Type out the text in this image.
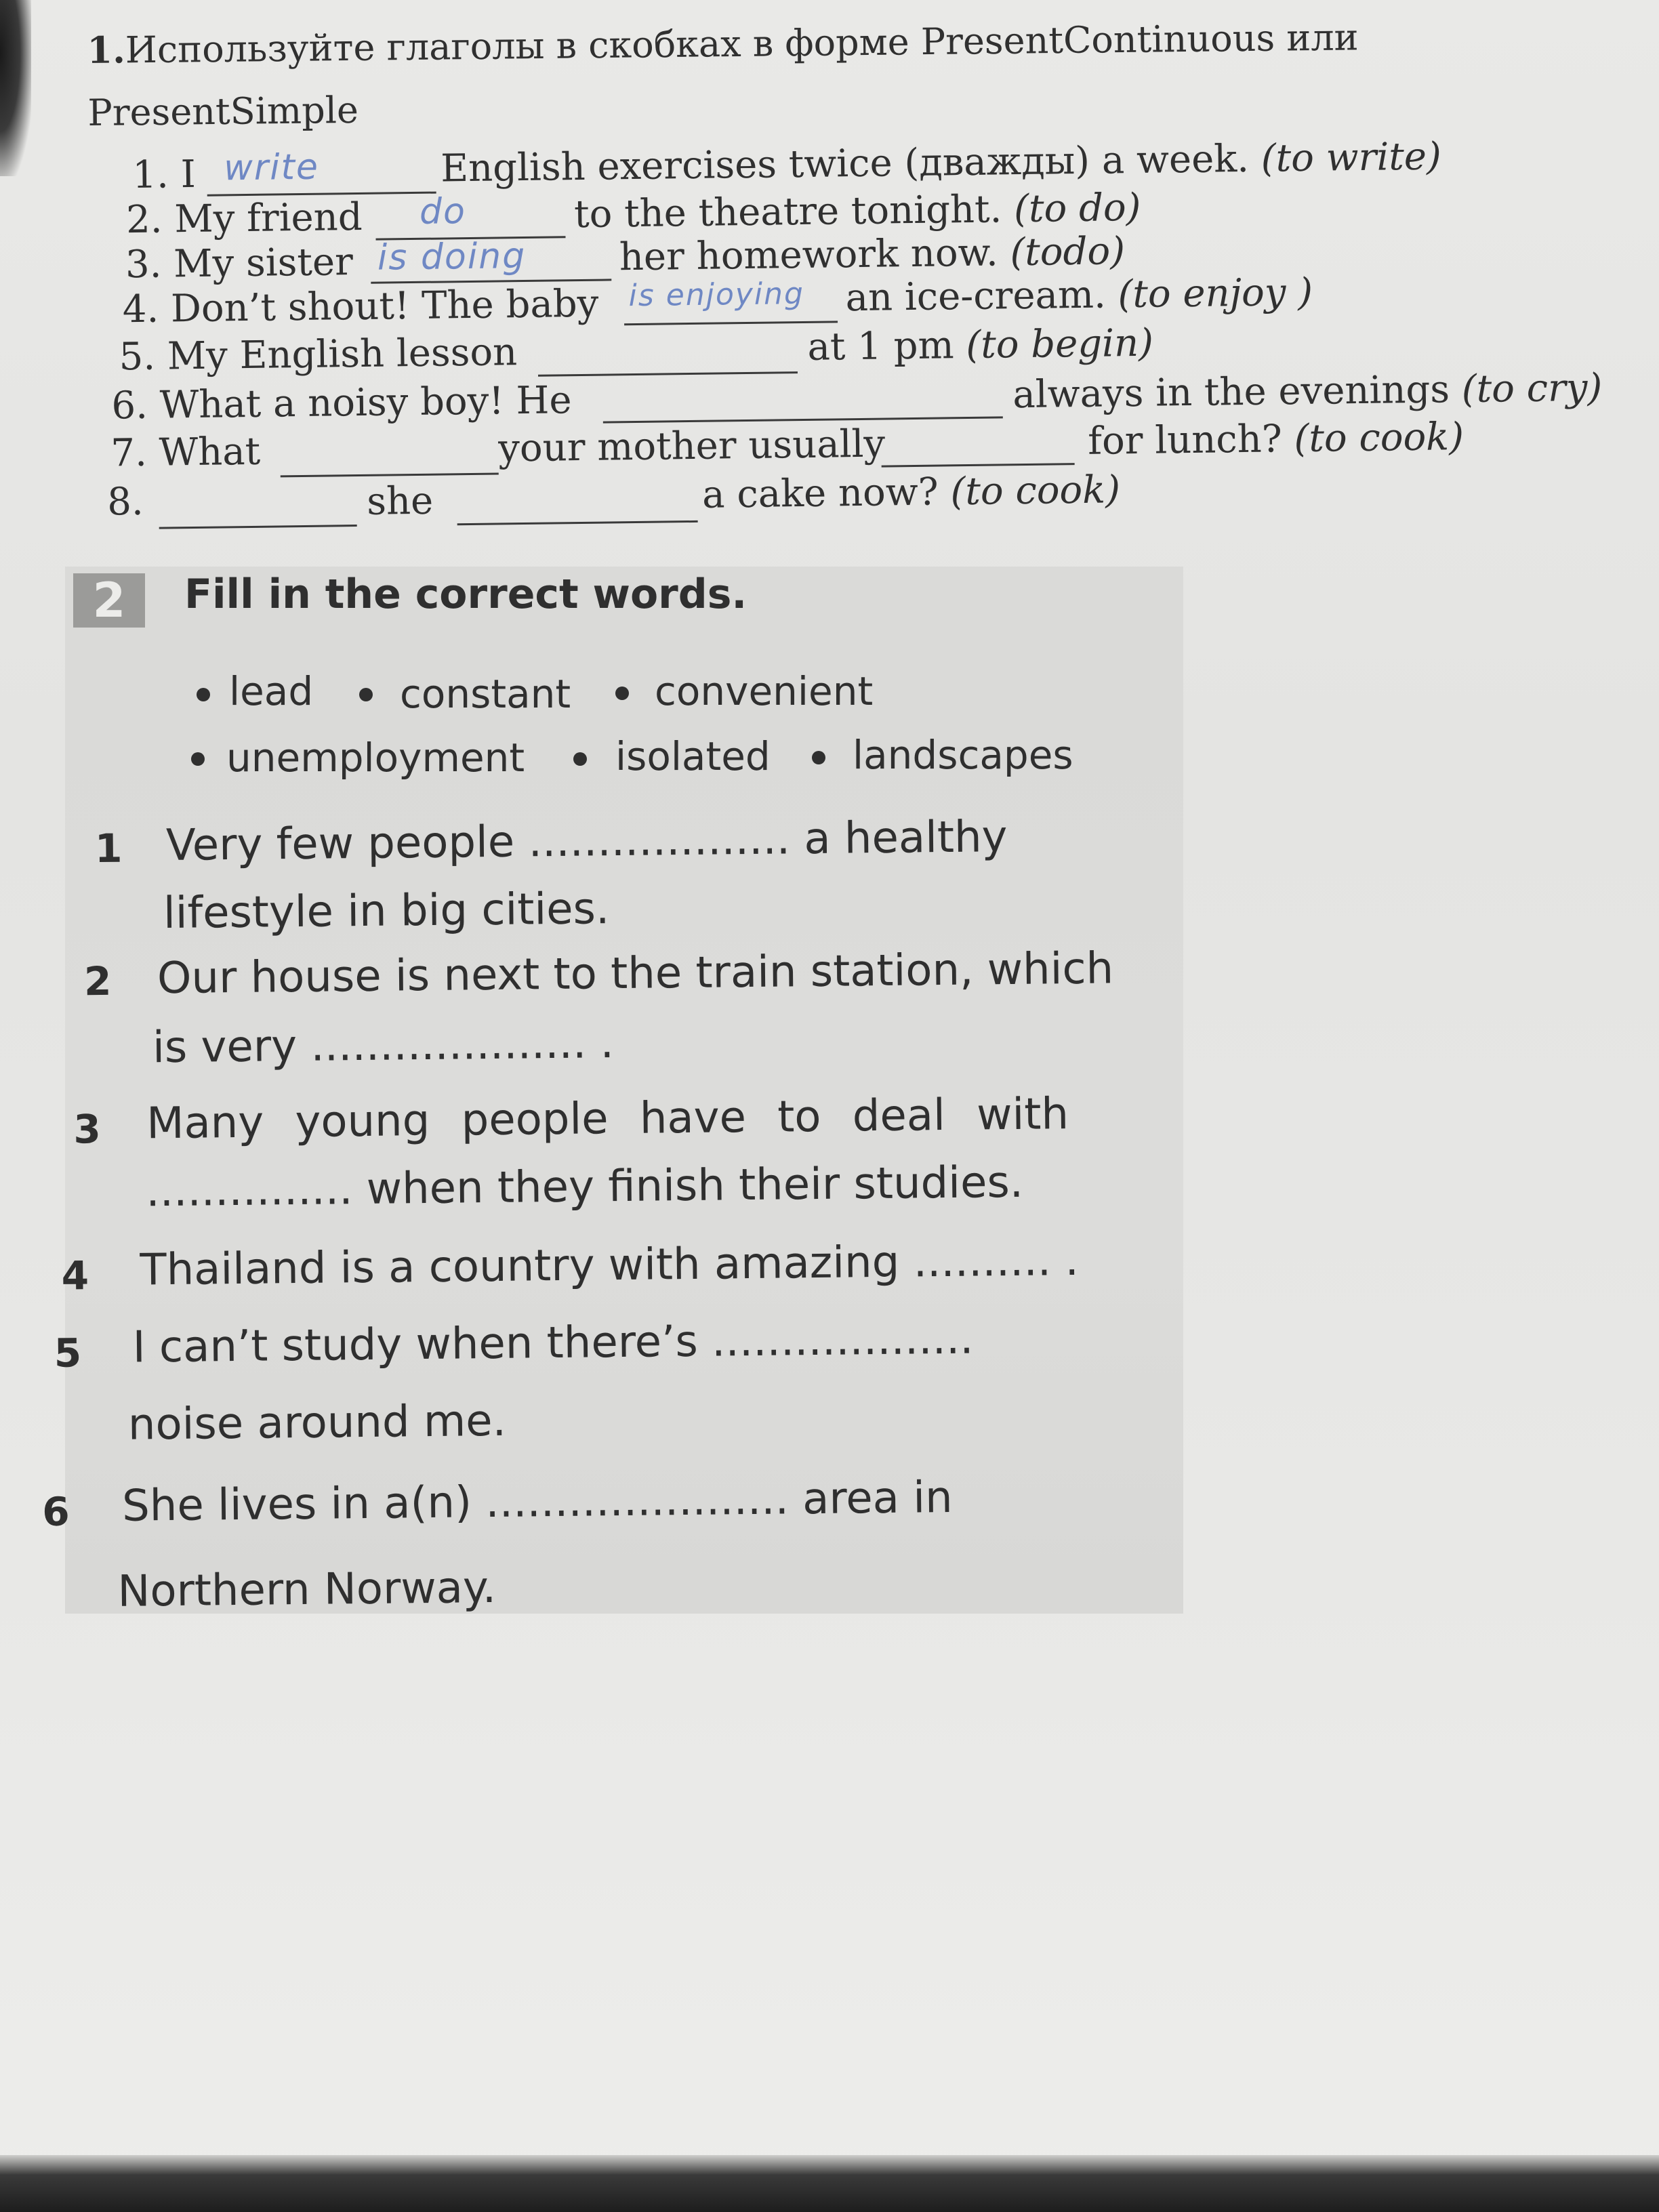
1.Используйте глаголы в скобках в форме PresentContinuous или
PresentSimple
1. I write	English exercises twice (дважды) a week. (to write)
2. My friend do	to the theatre tonight. (to do)
3. My sister is doing her homework now. (todo)
4. Don’t shout! The baby is enjoying an ice-cream. (to enjoy )
5. My English lesson	at 1 pm (to begin)
6. What a noisy boy! He	always in the evenings (to cry)
7. What	your mother usually	for lunch? (to cook)
8.	she	a cake now? (to cook)
2	Fill in the correct words.
lead constant convenient
unemployment isolated landscapes
1 Very few people ................... a healthy
lifestyle in big cities.
2 Our house is next to the train station, which
is very .................... .
3 Many young people have to deal with
............... when they finish their studies.
4 Thailand is a country with amazing .......... .
5 I can’t study when there’s ...................
noise around me.
6 She lives in a(n) ...................... area in
Northern Norway.
